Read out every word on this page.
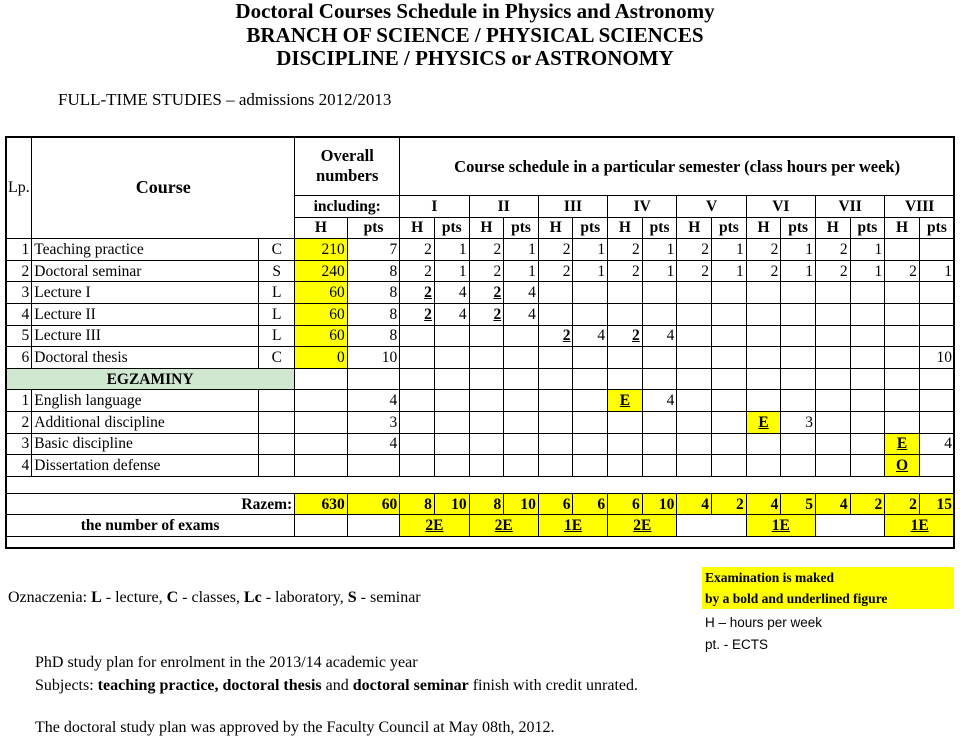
Doctoral Courses Schedule in Physics and Astronomy
BRANCH OF SCIENCE / PHYSICAL SCIENCES
DISCIPLINE / PHYSICS or ASTRONOMY
FULL-TIME STUDIES – admissions 2012/2013
Lp.	Course		Overall numbers		Course schedule in a particular semester (class hours per week)															
			including:		I		II		III		IV		V		VI		VII		VIII	
			H	pts	H	pts	H	pts	H	pts	H	pts	H	pts	H	pts	H	pts	H	pts
1	Teaching practice	C	210	7	2	1	2	1	2	1	2	1	2	1	2	1	2	1		
2	Doctoral seminar	S	240	8	2	1	2	1	2	1	2	1	2	1	2	1	2	1	2	1
3	Lecture I	L	60	8	2	4	2	4												
4	Lecture II	L	60	8	2	4	2	4												
5	Lecture III	L	60	8					2	4	2	4								
6	Doctoral thesis	C	0	10																10
EGZAMINY																				
1	English language			4							E	4								
2	Additional discipline			3											E	3				
3	Basic discipline			4															E	4
4	Dissertation defense																		O	

Razem:			630	60	8	10	8	10	6	6	6	10	4	2	4	5	4	2	2	15
the number of exams					2E		2E		1E		2E				1E				1E	
Oznaczenia: L - lecture, C - classes, Lc - laboratory, S - seminar
Examination is maked
by a bold and underlined figure
H – hours per week
pt. - ECTS
PhD study plan for enrolment in the 2013/14 academic year
Subjects: teaching practice, doctoral thesis and doctoral seminar finish with credit unrated.
The doctoral study plan was approved by the Faculty Council at May 08th, 2012.
